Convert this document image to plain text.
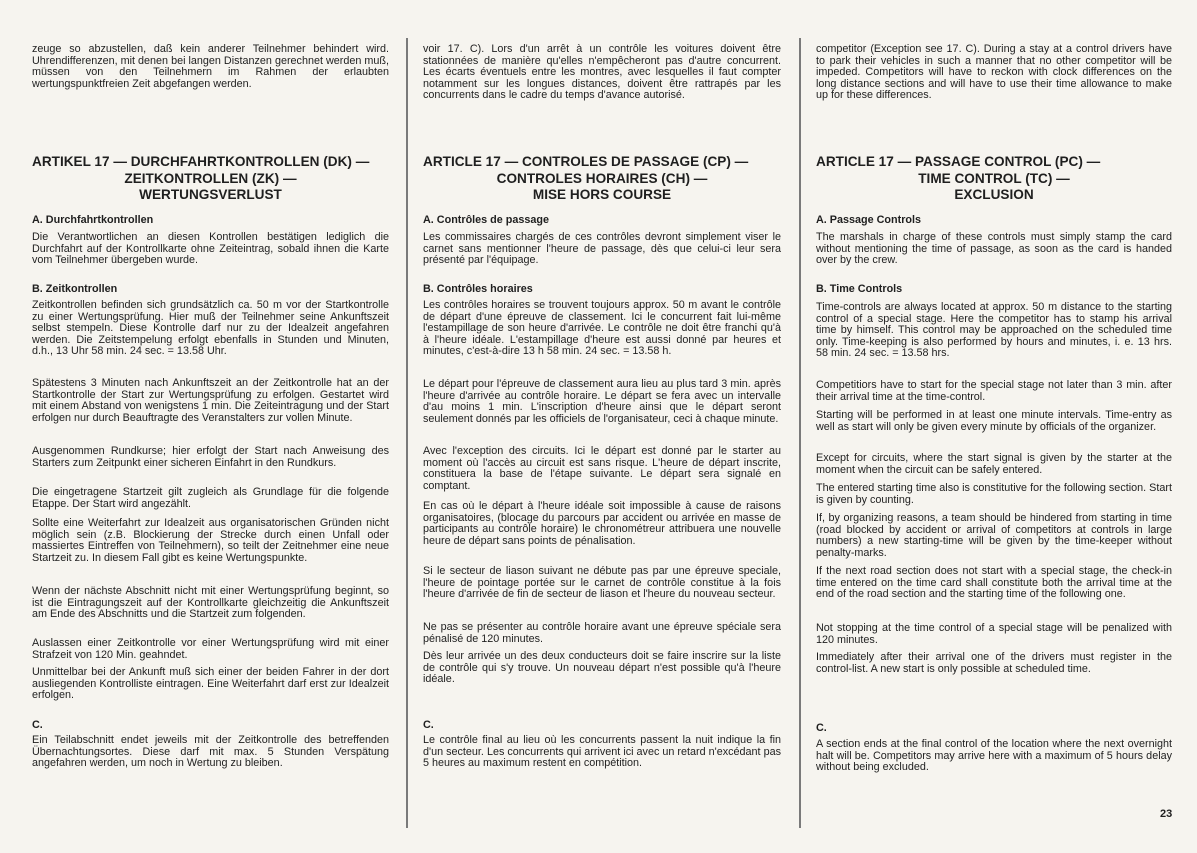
zeuge so abzustellen, daß kein anderer Teilnehmer behindert wird. Uhrendifferenzen, mit denen bei langen Distanzen gerechnet werden muß, müssen von den Teilnehmern im Rahmen der erlaubten wertungspunktfreien Zeit abgefangen werden.

ARTIKEL 17 — DURCHFAHRTKONTROLLEN (DK) —
ZEITKONTROLLEN (ZK) —
WERTUNGSVERLUST

A. Durchfahrtkontrollen

Die Verantwortlichen an diesen Kontrollen bestätigen lediglich die Durchfahrt auf der Kontrollkarte ohne Zeiteintrag, sobald ihnen die Karte vom Teilnehmer übergeben wurde.

B. Zeitkontrollen

Zeitkontrollen befinden sich grundsätzlich ca. 50 m vor der Startkontrolle zu einer Wertungsprüfung. Hier muß der Teilnehmer seine Ankunftszeit selbst stempeln. Diese Kontrolle darf nur zu der Idealzeit angefahren werden. Die Zeitstempelung erfolgt ebenfalls in Stunden und Minuten, d.h., 13 Uhr 58 min. 24 sec. = 13.58 Uhr.

Spätestens 3 Minuten nach Ankunftszeit an der Zeitkontrolle hat an der Startkontrolle der Start zur Wertungsprüfung zu erfolgen. Gestartet wird mit einem Abstand von wenigstens 1 min. Die Zeiteintragung und der Start erfolgen nur durch Beauftragte des Veranstalters zur vollen Minute.

Ausgenommen Rundkurse; hier erfolgt der Start nach Anweisung des Starters zum Zeitpunkt einer sicheren Einfahrt in den Rundkurs.

Die eingetragene Startzeit gilt zugleich als Grundlage für die folgende Etappe. Der Start wird angezählt.

Sollte eine Weiterfahrt zur Idealzeit aus organisatorischen Gründen nicht möglich sein (z.B. Blockierung der Strecke durch einen Unfall oder massiertes Eintreffen von Teilnehmern), so teilt der Zeitnehmer eine neue Startzeit zu. In diesem Fall gibt es keine Wertungspunkte.

Wenn der nächste Abschnitt nicht mit einer Wertungsprüfung beginnt, so ist die Eintragungszeit auf der Kontrollkarte gleichzeitig die Ankunftszeit am Ende des Abschnitts und die Startzeit zum folgenden.

Auslassen einer Zeitkontrolle vor einer Wertungsprüfung wird mit einer Strafzeit von 120 Min. geahndet.

Unmittelbar bei der Ankunft muß sich einer der beiden Fahrer in der dort ausliegenden Kontrolliste eintragen. Eine Weiterfahrt darf erst zur Idealzeit erfolgen.

C.

Ein Teilabschnitt endet jeweils mit der Zeitkontrolle des betreffenden Übernachtungsortes. Diese darf mit max. 5 Stunden Verspätung angefahren werden, um noch in Wertung zu bleiben.

voir 17. C). Lors d'un arrêt à un contrôle les voitures doivent être stationnées de manière qu'elles n'empêcheront pas d'autre concurrent. Les écarts éventuels entre les montres, avec lesquelles il faut compter notamment sur les longues distances, doivent être rattrapés par les concurrents dans le cadre du temps d'avance autorisé.

ARTICLE 17 — CONTROLES DE PASSAGE (CP) —
CONTROLES HORAIRES (CH) —
MISE HORS COURSE

A. Contrôles de passage

Les commissaires chargés de ces contrôles devront simplement viser le carnet sans mentionner l'heure de passage, dès que celui-ci leur sera présenté par l'équipage.

B. Contrôles horaires

Les contrôles horaires se trouvent toujours approx. 50 m avant le contrôle de départ d'une épreuve de classement. Ici le concurrent fait lui-même l'estampillage de son heure d'arrivée. Le contrôle ne doit être franchi qu'à à l'heure idéale. L'estampillage d'heure est aussi donné par heures et minutes, c'est-à-dire 13 h 58 min. 24 sec. = 13.58 h.

Le départ pour l'épreuve de classement aura lieu au plus tard 3 min. après l'heure d'arrivée au contrôle horaire. Le départ se fera avec un intervalle d'au moins 1 min. L'inscription d'heure ainsi que le départ seront seulement donnés par les officiels de l'organisateur, ceci à chaque minute.

Avec l'exception des circuits. Ici le départ est donné par le starter au moment où l'accès au circuit est sans risque. L'heure de départ inscrite, constituera la base de l'étape suivante. Le départ sera signalé en comptant.

En cas où le départ à l'heure idéale soit impossible à cause de raisons organisatoires, (blocage du parcours par accident ou arrivée en masse de participants au contrôle horaire) le chronométreur attribuera une nouvelle heure de départ sans points de pénalisation.

Si le secteur de liason suivant ne débute pas par une épreuve speciale, l'heure de pointage portée sur le carnet de contrôle constitue à la fois l'heure d'arrivée de fin de secteur de liason et l'heure du nouveau secteur.

Ne pas se présenter au contrôle horaire avant une épreuve spéciale sera pénalisé de 120 minutes.

Dès leur arrivée un des deux conducteurs doit se faire inscrire sur la liste de contrôle qui s'y trouve. Un nouveau départ n'est possible qu'à l'heure idéale.

C.

Le contrôle final au lieu où les concurrents passent la nuit indique la fin d'un secteur. Les concurrents qui arrivent ici avec un retard n'excédant pas 5 heures au maximum restent en compétition.

competitor (Exception see 17. C). During a stay at a control drivers have to park their vehicles in such a manner that no other competitor will be impeded. Competitors will have to reckon with clock differences on the long distance sections and will have to use their time allowance to make up for these differences.

ARTICLE 17 — PASSAGE CONTROL (PC) —
TIME CONTROL (TC) —
EXCLUSION

A. Passage Controls

The marshals in charge of these controls must simply stamp the card without mentioning the time of passage, as soon as the card is handed over by the crew.

B. Time Controls

Time-controls are always located at approx. 50 m distance to the starting control of a special stage. Here the competitor has to stamp his arrival time by himself. This control may be approached on the scheduled time only. Time-keeping is also performed by hours and minutes, i. e. 13 hrs. 58 min. 24 sec. = 13.58 hrs.

Competitiors have to start for the special stage not later than 3 min. after their arrival time at the time-control.

Starting will be performed in at least one minute intervals. Time-entry as well as start will only be given every minute by officials of the organizer.

Except for circuits, where the start signal is given by the starter at the moment when the circuit can be safely entered.

The entered starting time also is constitutive for the following section. Start is given by counting.

If, by organizing reasons, a team should be hindered from starting in time (road blocked by accident or arrival of competitors at controls in large numbers) a new starting-time will be given by the time-keeper without penalty-marks.

If the next road section does not start with a special stage, the check-in time entered on the time card shall constitute both the arrival time at the end of the road section and the starting time of the following one.

Not stopping at the time control of a special stage will be penalized with 120 minutes.

Immediately after their arrival one of the drivers must register in the control-list. A new start is only possible at scheduled time.

C.

A section ends at the final control of the location where the next overnight halt will be. Competitors may arrive here with a maximum of 5 hours delay without being excluded.

23
